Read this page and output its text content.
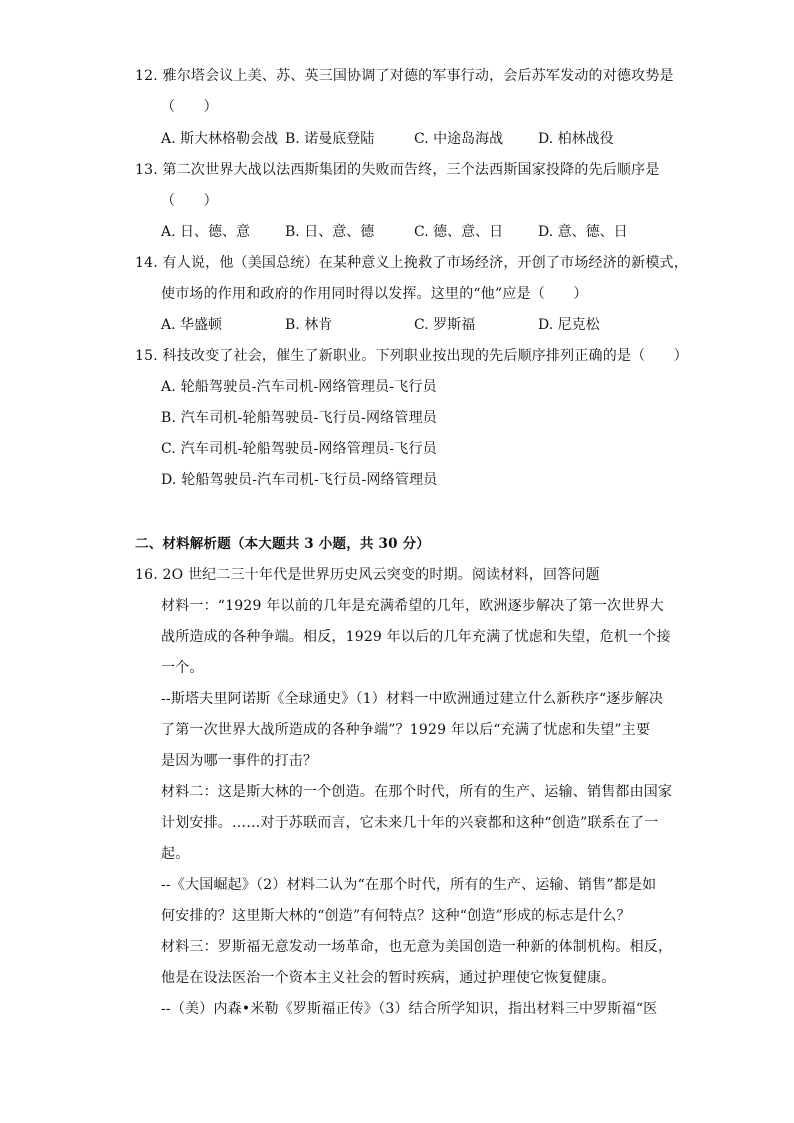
12. 雅尔塔会议上美、苏、英三国协调了对德的军事行动，会后苏军发动的对德攻势是
（　　）
A. 斯大林格勒会战 B. 诺曼底登陆	C. 中途岛海战 D. 柏林战役
13. 第二次世界大战以法西斯集团的失败而告终，三个法西斯国家投降的先后顺序是
（　　）
A. 日、德、意 B. 日、意、德	C. 德、意、日 D. 意、德、日
14. 有人说，他（美国总统）在某种意义上挽救了市场经济，开创了市场经济的新模式，
使市场的作用和政府的作用同时得以发挥。这里的“他”应是（　　）
A. 华盛顿	B. 林肯	C. 罗斯福	D. 尼克松
15. 科技改变了社会，催生了新职业。下列职业按出现的先后顺序排列正确的是（　　）
A. 轮船驾驶员-汽车司机-网络管理员-飞行员
B. 汽车司机-轮船驾驶员-飞行员-网络管理员
C. 汽车司机-轮船驾驶员-网络管理员-飞行员
D. 轮船驾驶员-汽车司机-飞行员-网络管理员
二、材料解析题（本大题共 3 小题，共 30 分）
16. 2O 世纪二三十年代是世界历史风云突变的时期。阅读材料，回答问题
材料一：“1929 年以前的几年是充满希望的几年，欧洲逐步解决了第一次世界大
战所造成的各种争端。相反，1929 年以后的几年充满了忧虑和失望，危机一个接
一个。
--斯塔夫里阿诺斯《全球通史》（1）材料一中欧洲通过建立什么新秩序“逐步解决
了第一次世界大战所造成的各种争端”？1929 年以后“充满了忧虑和失望”主要
是因为哪一事件的打击？
材料二：这是斯大林的一个创造。在那个时代，所有的生产、运输、销售都由国家
计划安排。……对于苏联而言，它未来几十年的兴衰都和这种“创造”联系在了一
起。
--《大国崛起》（2）材料二认为“在那个时代，所有的生产、运输、销售”都是如
何安排的？这里斯大林的“创造”有何特点？这种“创造”形成的标志是什么？
材料三：罗斯福无意发动一场革命，也无意为美国创造一种新的体制机构。相反，
他是在设法医治一个资本主义社会的暂时疾病，通过护理使它恢复健康。
--（美）内森•米勒《罗斯福正传》（3）结合所学知识，指出材料三中罗斯福“医
